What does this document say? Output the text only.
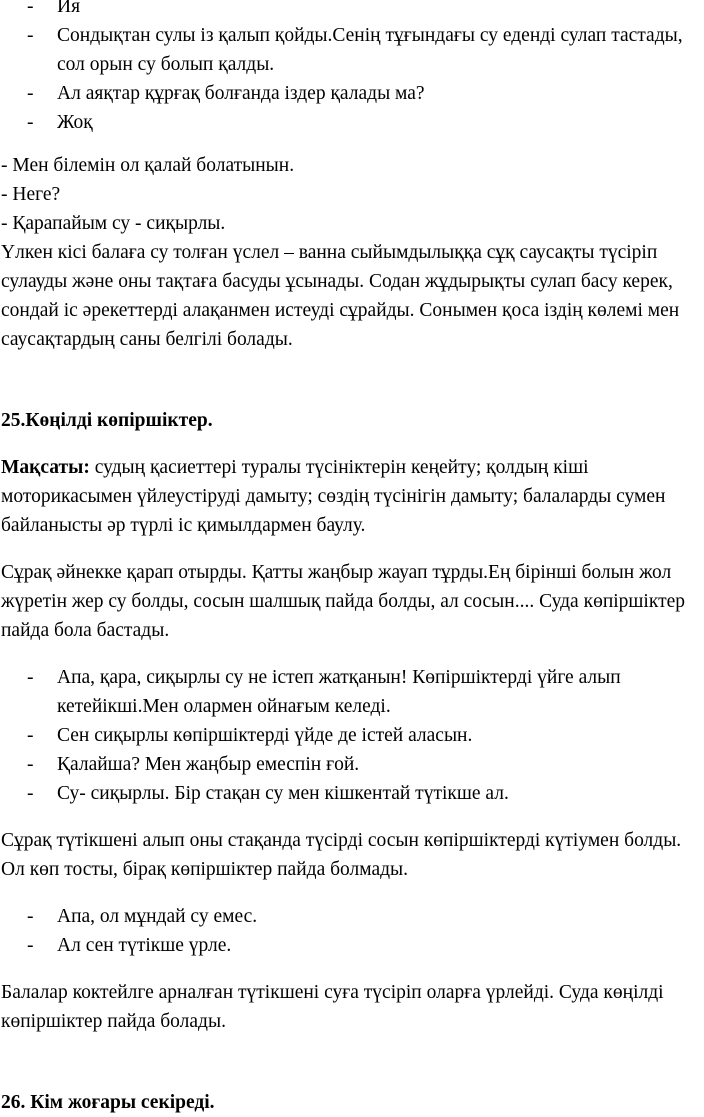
- Ия
- Сондықтан сулы із қалып қойды.Сенің тұғындағы су еденді сулап тастады, сол орын су болып қалды.
- Ал аяқтар құрғақ болғанда іздер қалады ма?
- Жоқ

- Мен білемін ол қалай болатынын.

- Неге?

- Қарапайым су - сиқырлы.

Үлкен кісі балаға су толған үслел – ванна сыйымдылыққа сұқ саусақты түсіріп сулауды және оны тақтаға басуды ұсынады. Содан жұдырықты сулап басу керек, сондай іс әрекеттерді алақанмен истеуді сұрайды. Сонымен қоса іздің көлемі мен саусақтардың саны белгілі болады.

25.Көңілді көпіршіктер.

Мақсаты: судың қасиеттері туралы түсініктерін кеңейту; қолдың кіші моторикасымен үйлеустіруді дамыту; сөздің түсінігін дамыту; балаларды сумен байланысты әр түрлі іс қимылдармен баулу.

Сұрақ әйнекке қарап отырды. Қатты жаңбыр жауап тұрды.Ең бірінші болын жол жүретін жер су болды, сосын шалшық пайда болды, ал сосын.... Суда көпіршіктер пайда бола бастады.

- Апа, қара, сиқырлы су не істеп жатқанын! Көпіршіктерді үйге алып кетейікші.Мен олармен ойнағым келеді.
- Сен сиқырлы көпіршіктерді үйде де істей аласын.
- Қалайша? Мен жаңбыр емеспін ғой.
- Су- сиқырлы. Бір стақан су мен кішкентай түтікше ал.

Сұрақ түтікшені алып оны стақанда түсірді сосын көпіршіктерді күтіумен болды. Ол көп тосты, бірақ көпіршіктер пайда болмады.

- Апа, ол мұндай су емес.
- Ал сен түтікше үрле.

Балалар коктейлге арналған түтікшені суға түсіріп оларға үрлейді. Суда көңілді көпіршіктер пайда болады.

26. Кім жоғары секіреді.
